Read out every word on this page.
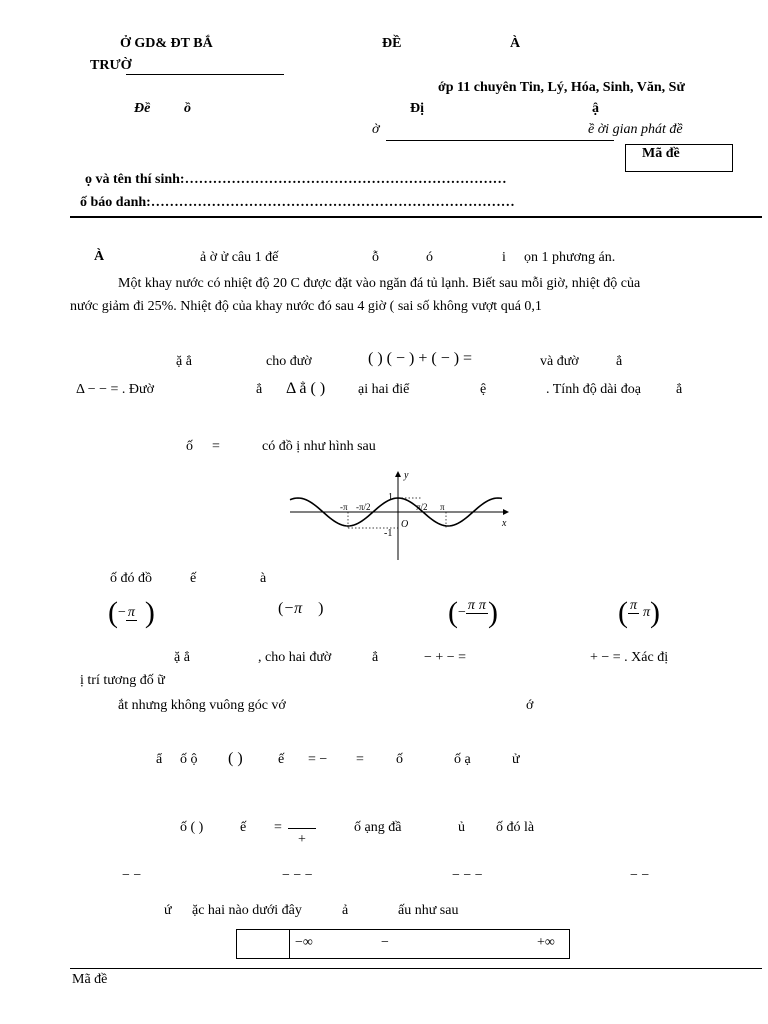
Ở GD& ĐT BẮ	ĐỀ	À
TRƯỜ
ớp 11 chuyên Tin, Lý, Hóa, Sinh, Văn, Sử
Đề ồ	Đị	ậ
ờ	ề ời gian phát đề
Mã đề
ọ và tên thí sinh:……………………………………………………………
ố báo danh:……………………………………………………………………
À	ả ờ ử câu 1 đế	ỗ	ó	i ọn 1 phương án.
Một khay nước có nhiệt độ 20 C được đặt vào ngăn đá tủ lạnh. Biết sau mỗi giờ, nhiệt độ của
nước giảm đi 25%. Nhiệt độ của khay nước đó sau 4 giờ ( sai số không vượt quá 0,1
ặ ẳ	cho đườ	( ) ( − ) + ( − ) =	và đườ	ẳ
Δ − − = . Đườ	ẳ Δ ẳ ( ) ại hai điể	ệ	. Tính độ dài đoạ ẳ
ố =	có đồ ị như hình sau
y
x
O
1
-1
-π -π/2	π/2 π
ố đó đồ	ế	à
(− π )	(−π )	(−
π
π
)	( π

π)
ặ ẳ	, cho hai đườ	ẳ	− + − =	+ − = . Xác đị
ị trí tương đố ữ
ắt nhưng không vuông góc vớ	ớ
ẩ ố ộ ( )	ế = − = ố	ố ạ	ử
ố ( )	ế =
+
ố ạng đầ	ủ ố đó là
− −	− − −	− − −	− −
ứ ặc hai nào dưới đây	ả	ấu như sau
−∞	−	+∞
Mã đề
